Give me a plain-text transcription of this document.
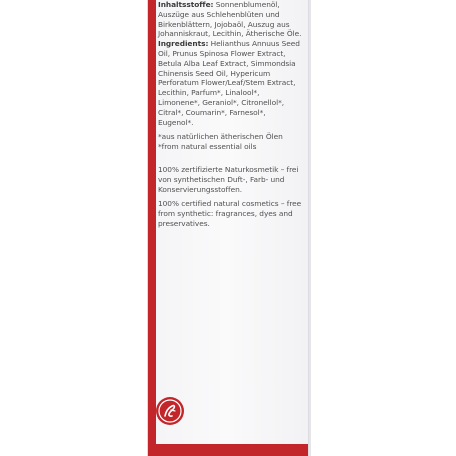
Inhaltsstoffe: Sonnenblumenöl, Auszüge aus Schlehenblüten und Birkenblättern, Jojobaöl, Auszug aus Johanniskraut, Lecithin, Ätherische Öle.

Ingredients: Helianthus Annuus Seed Oil, Prunus Spinosa Flower Extract, Betula Alba Leaf Extract, Simmondsia Chinensis Seed Oil, Hypericum Perforatum Flower/Leaf/Stem Extract, Lecithin, Parfum*, Linalool*, Limonene*, Geraniol*, Citronellol*, Citral*, Coumarin*, Farnesol*, Eugenol*.

*aus natürlichen ätherischen Ölen

*from natural essential oils

100% zertifizierte Naturkosmetik – frei von synthetischen Duft-, Farb- und Konservierungsstoffen.

100% certified natural cosmetics – free from synthetic: fragrances, dyes and preservatives.
